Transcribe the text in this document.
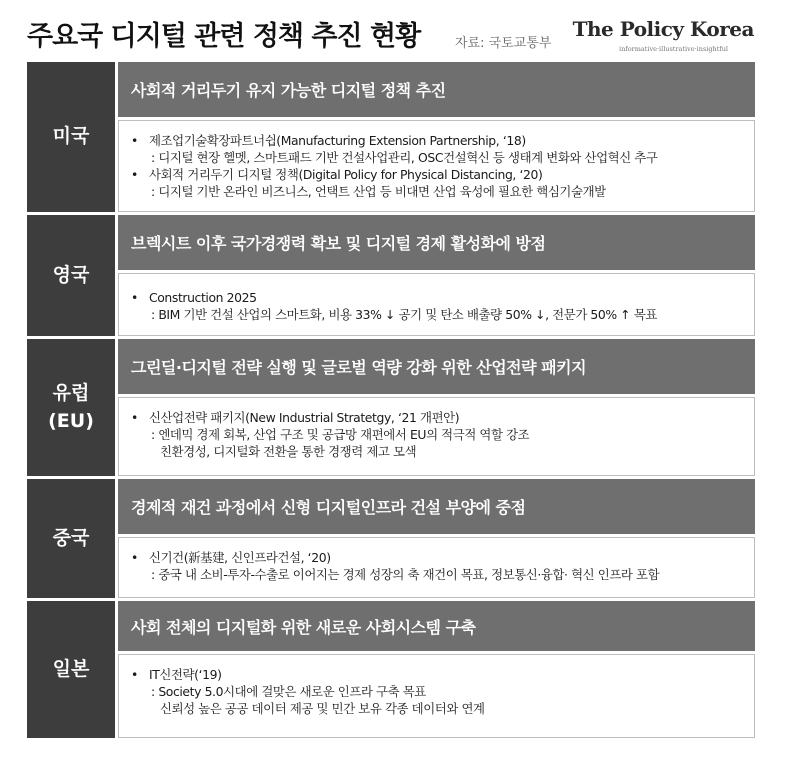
주요국 디지털 관련 정책 추진 현황	자료: 국토교통부
The Policy Korea
informative·illustrative·insightful
미국
사회적 거리두기 유지 가능한 디지털 정책 추진
• 제조업기술확장파트너쉽(Manufacturing Extension Partnership, ‘18)
: 디지털 현장 헬멧, 스마트패드 기반 건설사업관리, OSC건설혁신 등 생태계 변화와 산업혁신 추구
• 사회적 거리두기 디지털 정책(Digital Policy for Physical Distancing, ‘20)
: 디지털 기반 온라인 비즈니스, 언택트 산업 등 비대면 산업 육성에 필요한 핵심기술개발
영국
브렉시트 이후 국가경쟁력 확보 및 디지털 경제 활성화에 방점
• Construction 2025
: BIM 기반 건설 산업의 스마트화, 비용 33% ↓ 공기 및 탄소 배출량 50% ↓, 전문가 50% ↑ 목표
유럽
(EU)
그린딜·디지털 전략 실행 및 글로벌 역량 강화 위한 산업전략 패키지
• 신산업전략 패키지(New Industrial Stratetgy, ‘21 개편안)
: 엔데믹 경제 회복, 산업 구조 및 공급망 재편에서 EU의 적극적 역할 강조
친환경성, 디지털화 전환을 통한 경쟁력 제고 모색
중국
경제적 재건 과정에서 신형 디지털인프라 건설 부양에 중점
• 신기건(新基建, 신인프라건설, ‘20)
: 중국 내 소비-투자-수출로 이어지는 경제 성장의 축 재건이 목표, 정보통신·융합· 혁신 인프라 포함
일본
사회 전체의 디지털화 위한 새로운 사회시스템 구축
• IT신전략(‘19)
: Society 5.0시대에 걸맞은 새로운 인프라 구축 목표
신뢰성 높은 공공 데이터 제공 및 민간 보유 각종 데이터와 연계
